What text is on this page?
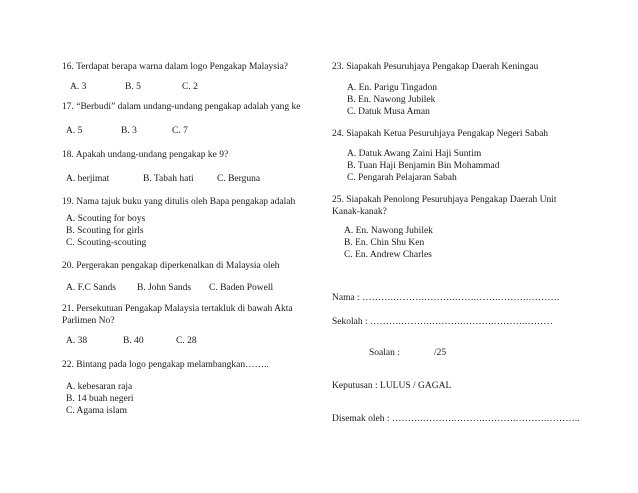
16. Terdapat berapa warna dalam logo Pengakap Malaysia?
A. 3	B. 5	C. 2
17. “Berbudi” dalam undang-undang pengakap adalah yang ke
A. 5	B. 3	C. 7
18. Apakah undang-undang pengakap ke 9?
A. berjimat	B. Tabah hati C. Berguna
19. Nama tajuk buku yang ditulis oleh Bapa pengakap adalah
A. Scouting for boys
B. Scouting for girls
C. Scouting-scouting
20. Pergerakan pengakap diperkenalkan di Malaysia oleh
A. F.C Sands B. John Sands C. Baden Powell
21. Persekutuan Pengakap Malaysia tertakluk di bawah Akta
Parlimen No?
A. 38	B. 40	C. 28
22. Bintang pada logo pengakap melambangkan……..
A. kebesaran raja
B. 14 buah negeri
C. Agama islam
23. Siapakah Pesuruhjaya Pengakap Daerah Keningau
A. En. Parigu Tingadon
B. En. Nawong Jubilek
C. Datuk Musa Aman
24. Siapakah Ketua Pesuruhjaya Pengakap Negeri Sabah
A. Datuk Awang Zaini Haji Suntim
B. Tuan Haji Benjamin Bin Mohammad
C. Pengarah Pelajaran Sabah
25. Siapakah Penolong Pesuruhjaya Pengakap Daerah Unit
Kanak-kanak?
A. En. Nawong Jubilek
B. En. Chin Shu Ken
C. En. Andrew Charles
Nama : ……….……….……….…….…….……….……….
Sekolah : ……….……….……….……….……….………
Soalan :	/25
Keputusan : LULUS / GAGAL
Disemak oleh : ……….……….……….……….……….………..
